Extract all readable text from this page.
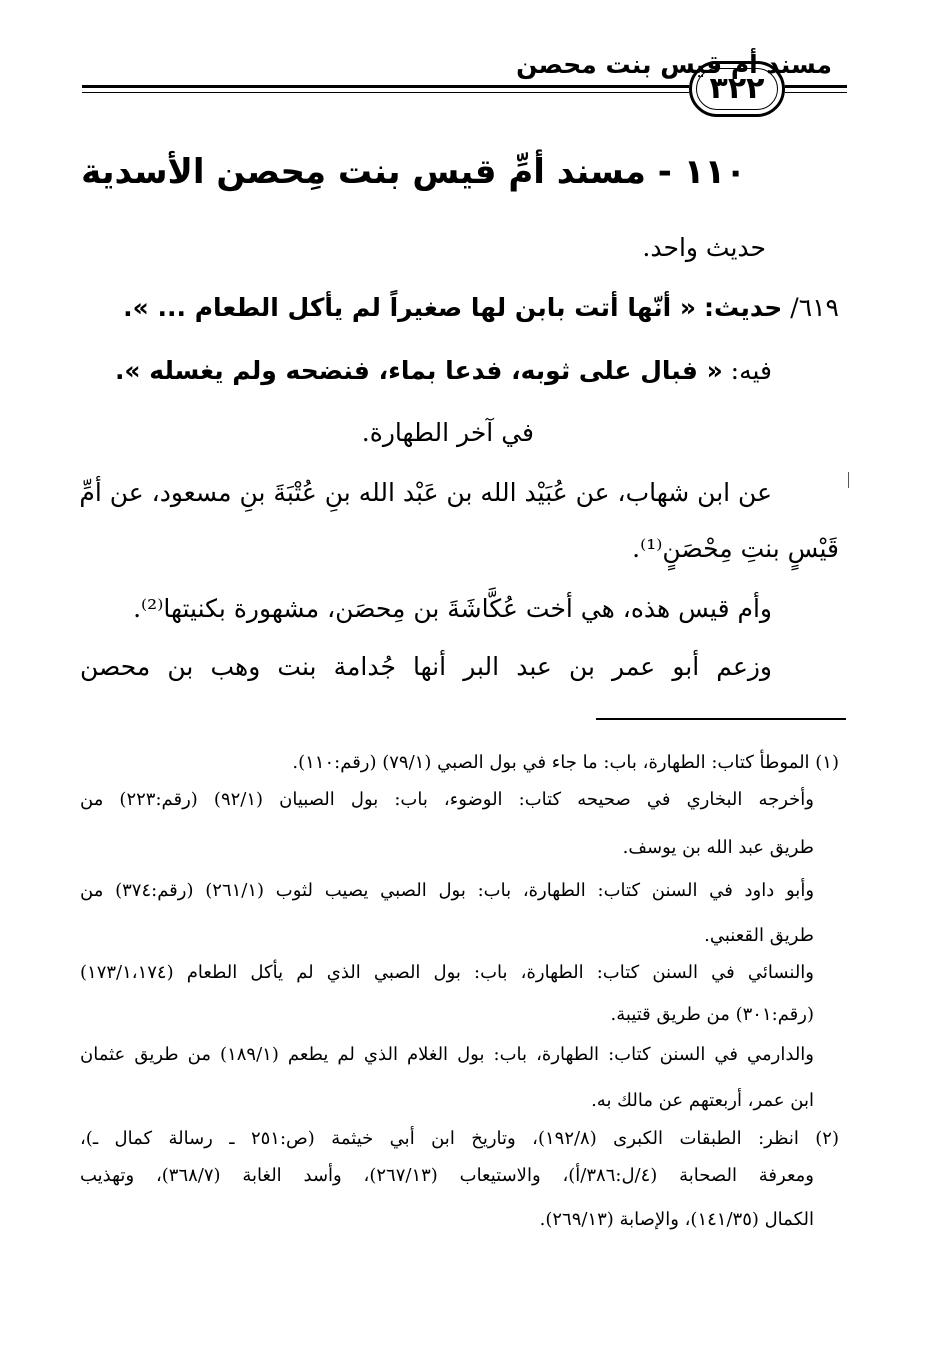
مسند أم قيس بنت محصن
٣٢٢
١١٠ - مسند أمِّ قيس بنت مِحصن الأسدية
حديث واحد.
٦١٩/ حديث: « أنّها أتت بابن لها صغيراً لم يأكل الطعام ... ».
فيه: « فبال على ثوبه، فدعا بماء، فنضحه ولم يغسله ».
في آخر الطهارة.
عن ابن شهاب، عن عُبَيْد الله بن عَبْد الله بنِ عُتْبَةَ بنِ مسعود، عن أمِّ
قَيْسٍ بنتِ مِحْصَنٍ⁽¹⁾.
وأم قيس هذه، هي أخت عُكَّاشَةَ بن مِحصَن، مشهورة بكنيتها⁽²⁾.
وزعم أبو عمر بن عبد البر أنها جُدامة بنت وهب بن محصن
(١) الموطأ كتاب: الطهارة، باب: ما جاء في بول الصبي (٧٩/١) (رقم:١١٠).
وأخرجه البخاري في صحيحه كتاب: الوضوء، باب: بول الصبيان (٩٢/١) (رقم:٢٢٣) من
طريق عبد الله بن يوسف.
وأبو داود في السنن كتاب: الطهارة، باب: بول الصبي يصيب لثوب (٢٦١/١) (رقم:٣٧٤) من
طريق القعنبي.
والنسائي في السنن كتاب: الطهارة، باب: بول الصبي الذي لم يأكل الطعام (١٧٣/١،١٧٤)
(رقم:٣٠١) من طريق قتيبة.
والدارمي في السنن كتاب: الطهارة، باب: بول الغلام الذي لم يطعم (١٨٩/١) من طريق عثمان
ابن عمر، أربعتهم عن مالك به.
(٢) انظر: الطبقات الكبرى (١٩٢/٨)، وتاريخ ابن أبي خيثمة (ص:٢٥١ ـ رسالة كمال ـ)،
ومعرفة الصحابة (٤/ل:٣٨٦/أ)، والاستيعاب (٢٦٧/١٣)، وأسد الغابة (٣٦٨/٧)، وتهذيب
الكمال (١٤١/٣٥)، والإصابة (٢٦٩/١٣).
